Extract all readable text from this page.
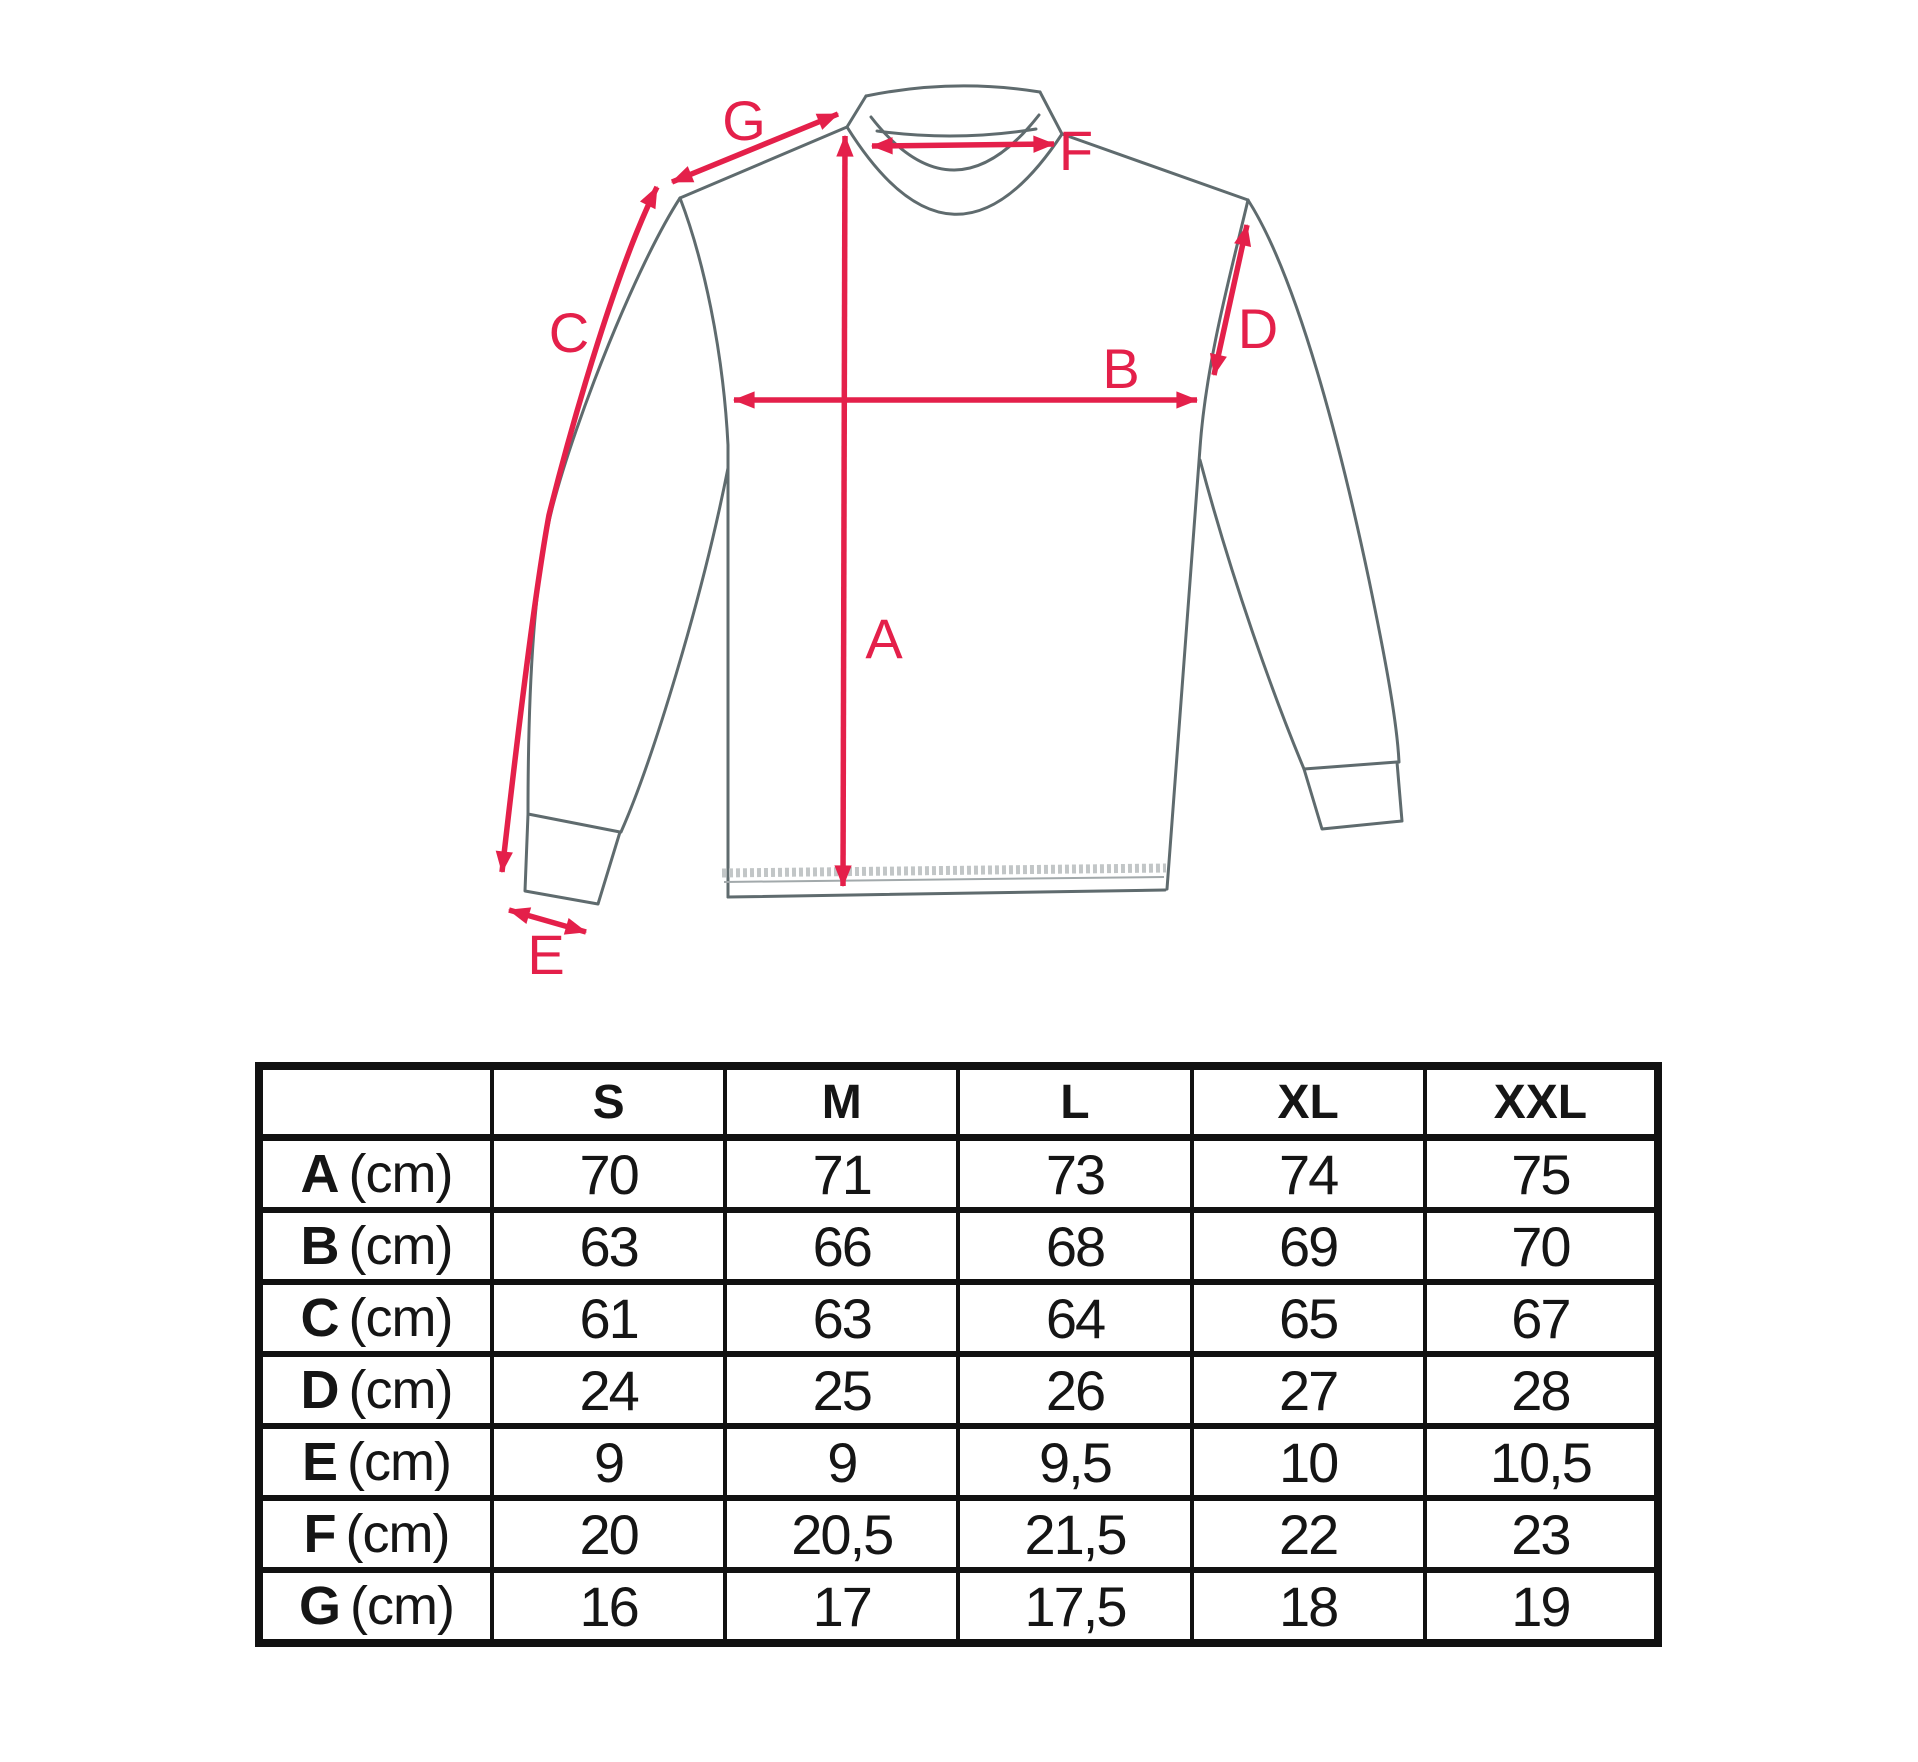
A
B
C	D
E
F
G
	S	M	L	XL	XXL
A (cm)	70	71	73	74	75
B (cm)	63	66	68	69	70
C (cm)	61	63	64	65	67
D (cm)	24	25	26	27	28
E (cm)	9	9	9,5	10	10,5
F (cm)	20	20,5	21,5	22	23
G (cm)	16	17	17,5	18	19
